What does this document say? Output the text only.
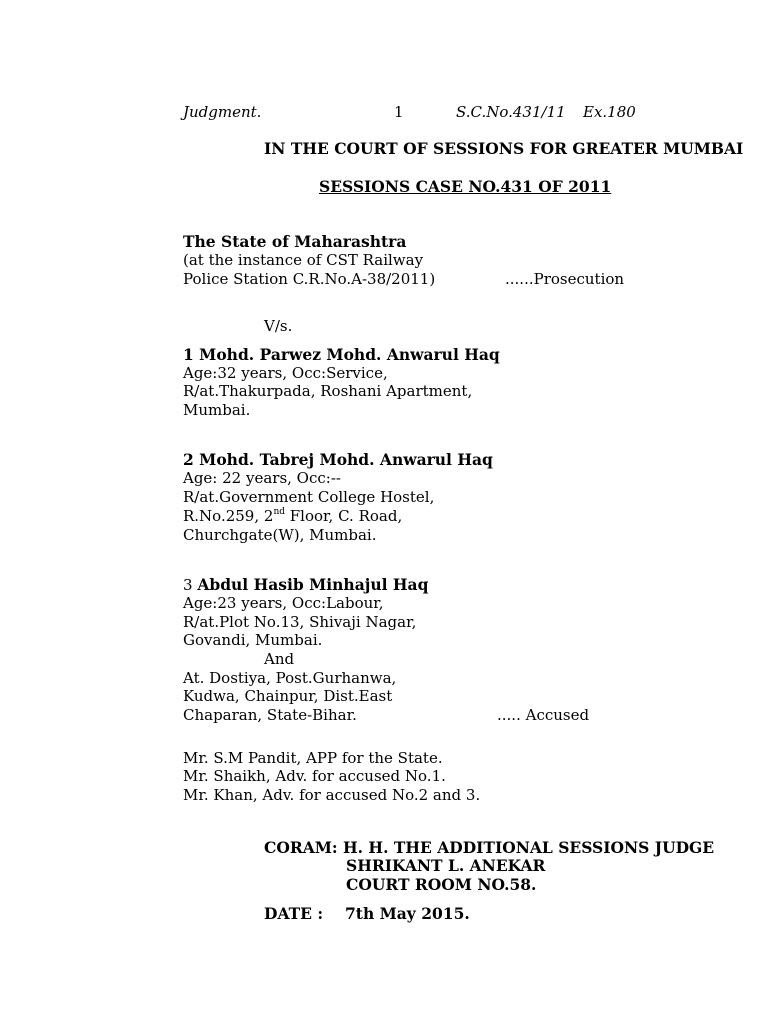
Judgment.	1	S.C.No.431/11 Ex.180
IN THE COURT OF SESSIONS FOR GREATER MUMBAI
SESSIONS CASE NO.431 OF 2011
The State of Maharashtra
(at the instance of CST Railway
Police Station C.R.No.A-38/2011)	......Prosecution
V/s.
1 Mohd. Parwez Mohd. Anwarul Haq
Age:32 years, Occ:Service,
R/at.Thakurpada, Roshani Apartment,
Mumbai.
2 Mohd. Tabrej Mohd. Anwarul Haq
Age: 22 years, Occ:--
R/at.Government College Hostel,
R.No.259, 2nd Floor, C. Road,
Churchgate(W), Mumbai.
3 Abdul Hasib Minhajul Haq
Age:23 years, Occ:Labour,
R/at.Plot No.13, Shivaji Nagar,
Govandi, Mumbai.
And
At. Dostiya, Post.Gurhanwa,
Kudwa, Chainpur, Dist.East
Chaparan, State-Bihar.	..... Accused
Mr. S.M Pandit, APP for the State.
Mr. Shaikh, Adv. for accused No.1.
Mr. Khan, Adv. for accused No.2 and 3.
CORAM: H. H. THE ADDITIONAL SESSIONS JUDGE
SHRIKANT L. ANEKAR
COURT ROOM NO.58.
DATE : 7th May 2015.
